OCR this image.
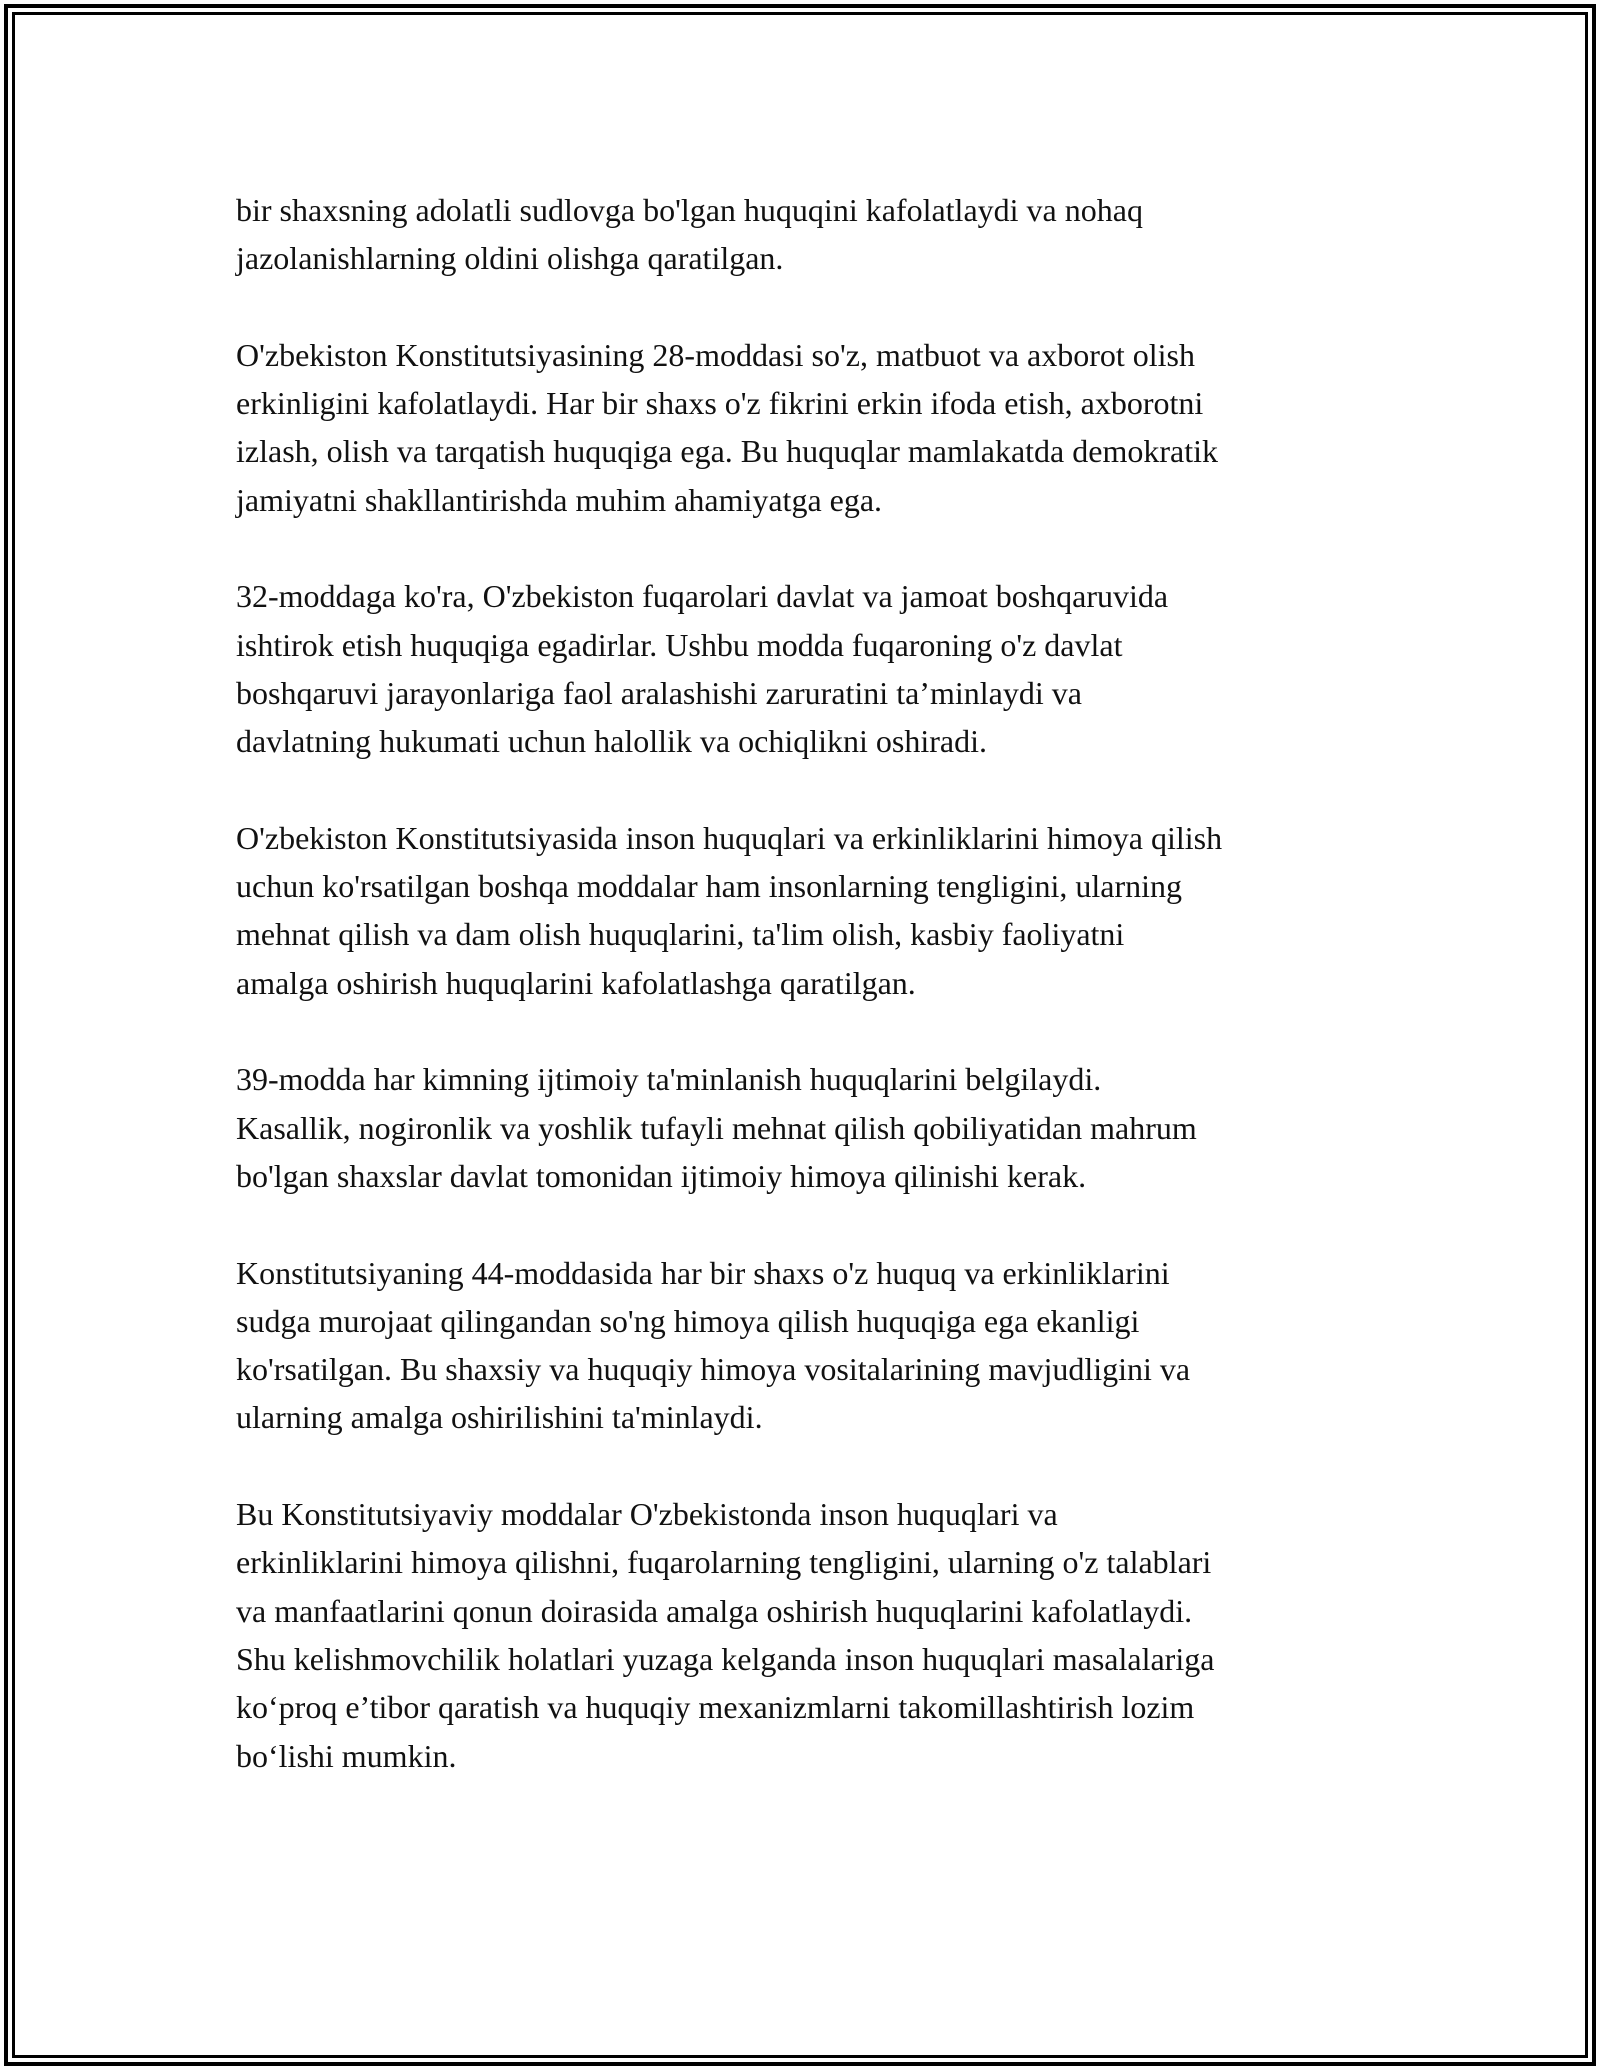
bir shaxsning adolatli sudlovga bo'lgan huquqini kafolatlaydi va nohaq
jazolanishlarning oldini olishga qaratilgan.

O'zbekiston Konstitutsiyasining 28-moddasi so'z, matbuot va axborot olish
erkinligini kafolatlaydi. Har bir shaxs o'z fikrini erkin ifoda etish, axborotni
izlash, olish va tarqatish huquqiga ega. Bu huquqlar mamlakatda demokratik
jamiyatni shakllantirishda muhim ahamiyatga ega.

32-moddaga ko'ra, O'zbekiston fuqarolari davlat va jamoat boshqaruvida
ishtirok etish huquqiga egadirlar. Ushbu modda fuqaroning o'z davlat
boshqaruvi jarayonlariga faol aralashishi zaruratini ta’minlaydi va
davlatning hukumati uchun halollik va ochiqlikni oshiradi.

O'zbekiston Konstitutsiyasida inson huquqlari va erkinliklarini himoya qilish
uchun ko'rsatilgan boshqa moddalar ham insonlarning tengligini, ularning
mehnat qilish va dam olish huquqlarini, ta'lim olish, kasbiy faoliyatni
amalga oshirish huquqlarini kafolatlashga qaratilgan.

39-modda har kimning ijtimoiy ta'minlanish huquqlarini belgilaydi.
Kasallik, nogironlik va yoshlik tufayli mehnat qilish qobiliyatidan mahrum
bo'lgan shaxslar davlat tomonidan ijtimoiy himoya qilinishi kerak.

Konstitutsiyaning 44-moddasida har bir shaxs o'z huquq va erkinliklarini
sudga murojaat qilingandan so'ng himoya qilish huquqiga ega ekanligi
ko'rsatilgan. Bu shaxsiy va huquqiy himoya vositalarining mavjudligini va
ularning amalga oshirilishini ta'minlaydi.

Bu Konstitutsiyaviy moddalar O'zbekistonda inson huquqlari va
erkinliklarini himoya qilishni, fuqarolarning tengligini, ularning o'z talablari
va manfaatlarini qonun doirasida amalga oshirish huquqlarini kafolatlaydi.
Shu kelishmovchilik holatlari yuzaga kelganda inson huquqlari masalalariga
ko‘proq e’tibor qaratish va huquqiy mexanizmlarni takomillashtirish lozim
bo‘lishi mumkin.
